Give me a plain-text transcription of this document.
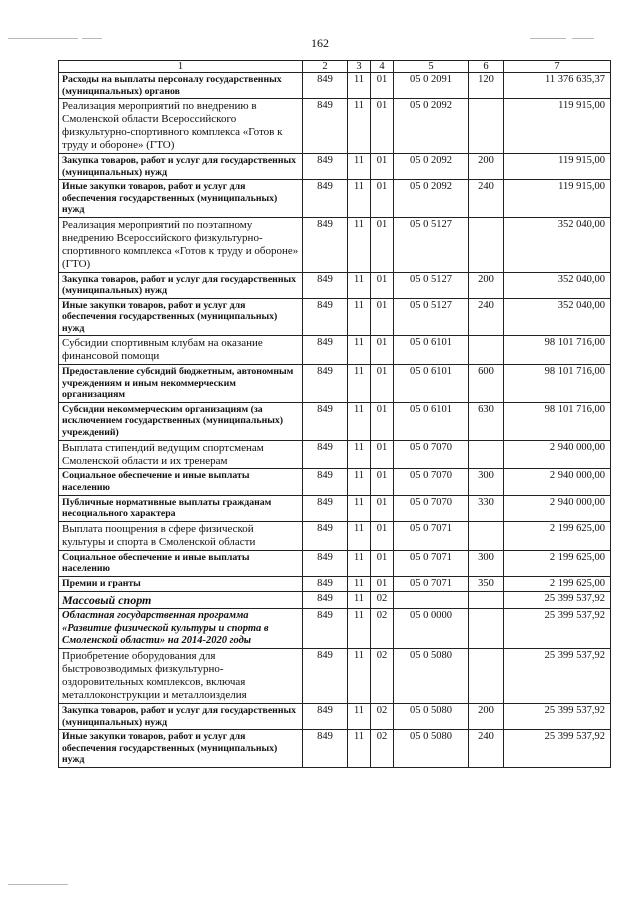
162
1	2	3	4	5	6	7
Расходы на выплаты персоналу государственных (муниципальных) органов	849	11	01	05 0 2091	120	11 376 635,37
Реализация мероприятий по внедрению в Смоленской области Всероссийского физкультурно-спортивного комплекса «Готов к труду и обороне» (ГТО)	849	11	01	05 0 2092		119 915,00
Закупка товаров, работ и услуг для государственных (муниципальных) нужд	849	11	01	05 0 2092	200	119 915,00
Иные закупки товаров, работ и услуг для обеспечения государственных (муниципальных) нужд	849	11	01	05 0 2092	240	119 915,00
Реализация мероприятий по поэтапному внедрению Всероссийского физкультурно-спортивного комплекса «Готов к труду и обороне» (ГТО)	849	11	01	05 0 5127		352 040,00
Закупка товаров, работ и услуг для государственных (муниципальных) нужд	849	11	01	05 0 5127	200	352 040,00
Иные закупки товаров, работ и услуг для обеспечения государственных (муниципальных) нужд	849	11	01	05 0 5127	240	352 040,00
Субсидии спортивным клубам на оказание финансовой помощи	849	11	01	05 0 6101		98 101 716,00
Предоставление субсидий бюджетным, автономным учреждениям и иным некоммерческим организациям	849	11	01	05 0 6101	600	98 101 716,00
Субсидии некоммерческим организациям (за исключением государственных (муниципальных) учреждений)	849	11	01	05 0 6101	630	98 101 716,00
Выплата стипендий ведущим спортсменам Смоленской области и их тренерам	849	11	01	05 0 7070		2 940 000,00
Социальное обеспечение и иные выплаты населению	849	11	01	05 0 7070	300	2 940 000,00
Публичные нормативные выплаты гражданам несоциального характера	849	11	01	05 0 7070	330	2 940 000,00
Выплата поощрения в сфере физической культуры и спорта в Смоленской области	849	11	01	05 0 7071		2 199 625,00
Социальное обеспечение и иные выплаты населению	849	11	01	05 0 7071	300	2 199 625,00
Премии и гранты	849	11	01	05 0 7071	350	2 199 625,00
Массовый спорт	849	11	02			25 399 537,92
Областная государственная программа «Развитие физической культуры и спорта в Смоленской области» на 2014-2020 годы	849	11	02	05 0 0000		25 399 537,92
Приобретение оборудования для быстровозводимых физкультурно-оздоровительных комплексов, включая металлоконструкции и металлоизделия	849	11	02	05 0 5080		25 399 537,92
Закупка товаров, работ и услуг для государственных (муниципальных) нужд	849	11	02	05 0 5080	200	25 399 537,92
Иные закупки товаров, работ и услуг для обеспечения государственных (муниципальных) нужд	849	11	02	05 0 5080	240	25 399 537,92
